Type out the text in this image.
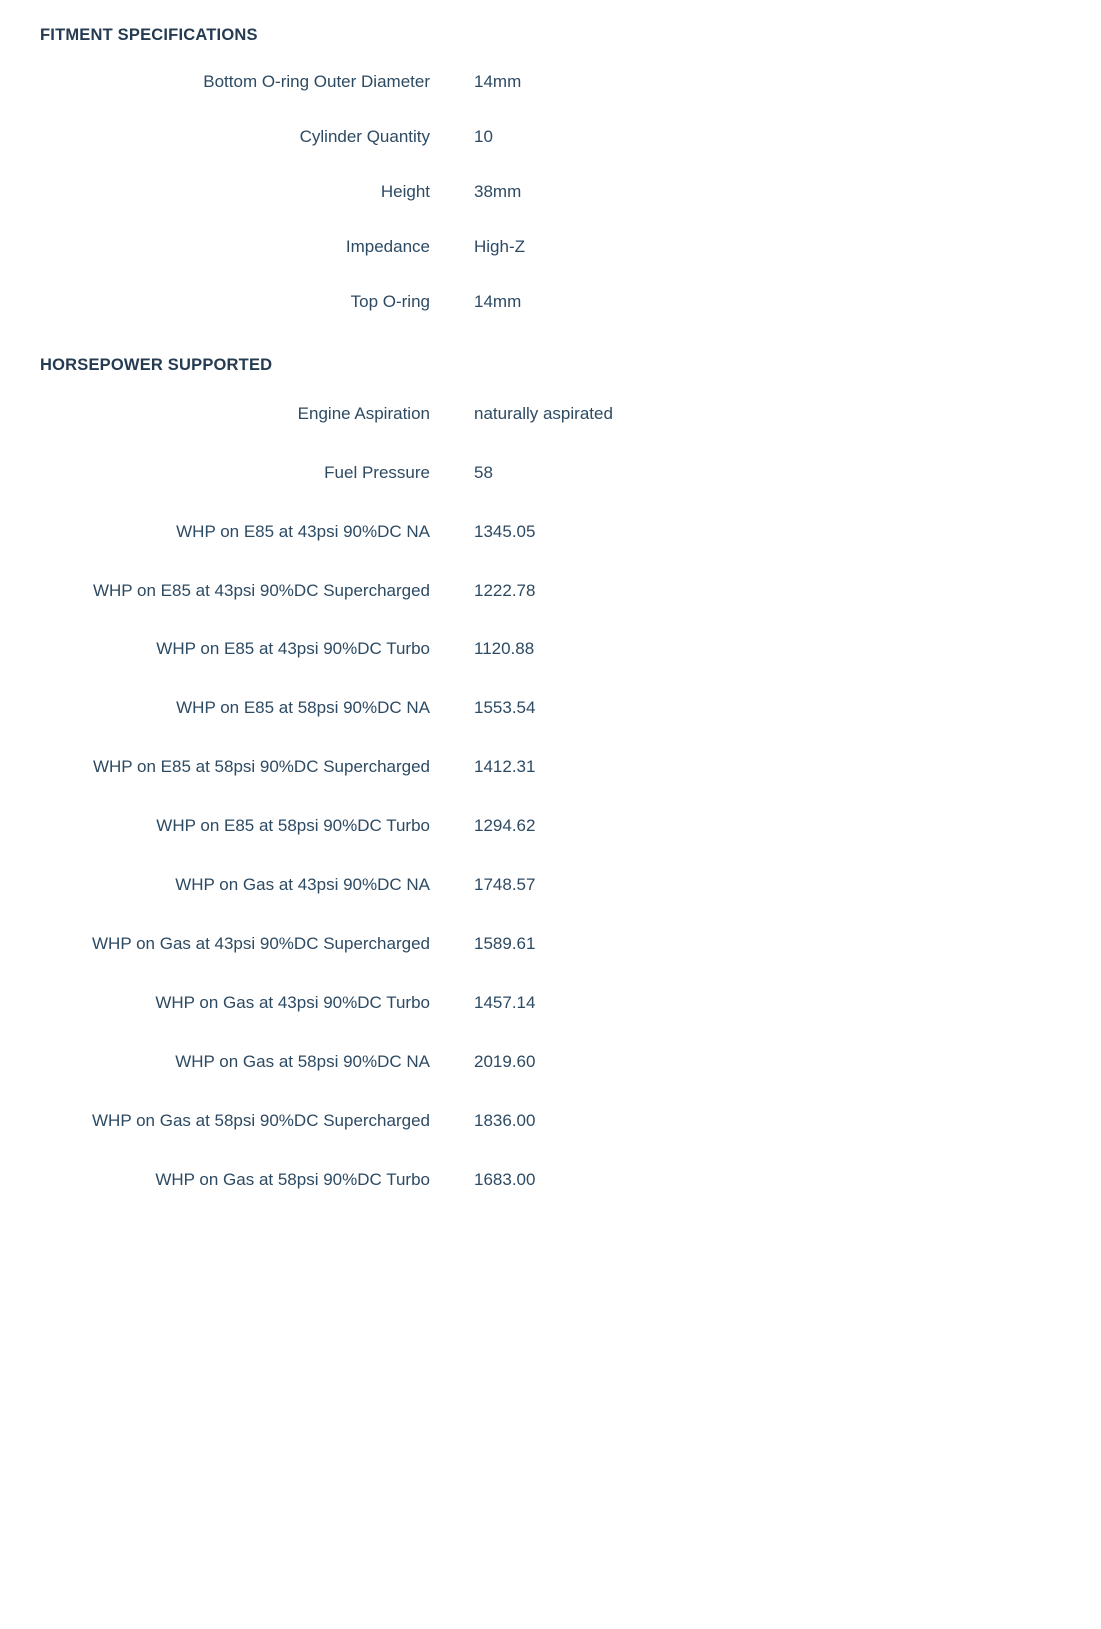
FITMENT SPECIFICATIONS
Bottom O-ring Outer Diameter	14mm
Cylinder Quantity	10
Height	38mm
Impedance	High-Z
Top O-ring	14mm
HORSEPOWER SUPPORTED
Engine Aspiration	naturally aspirated
Fuel Pressure	58
WHP on E85 at 43psi 90%DC NA	1345.05
WHP on E85 at 43psi 90%DC Supercharged	1222.78
WHP on E85 at 43psi 90%DC Turbo	1120.88
WHP on E85 at 58psi 90%DC NA	1553.54
WHP on E85 at 58psi 90%DC Supercharged	1412.31
WHP on E85 at 58psi 90%DC Turbo	1294.62
WHP on Gas at 43psi 90%DC NA	1748.57
WHP on Gas at 43psi 90%DC Supercharged	1589.61
WHP on Gas at 43psi 90%DC Turbo	1457.14
WHP on Gas at 58psi 90%DC NA	2019.60
WHP on Gas at 58psi 90%DC Supercharged	1836.00
WHP on Gas at 58psi 90%DC Turbo	1683.00
